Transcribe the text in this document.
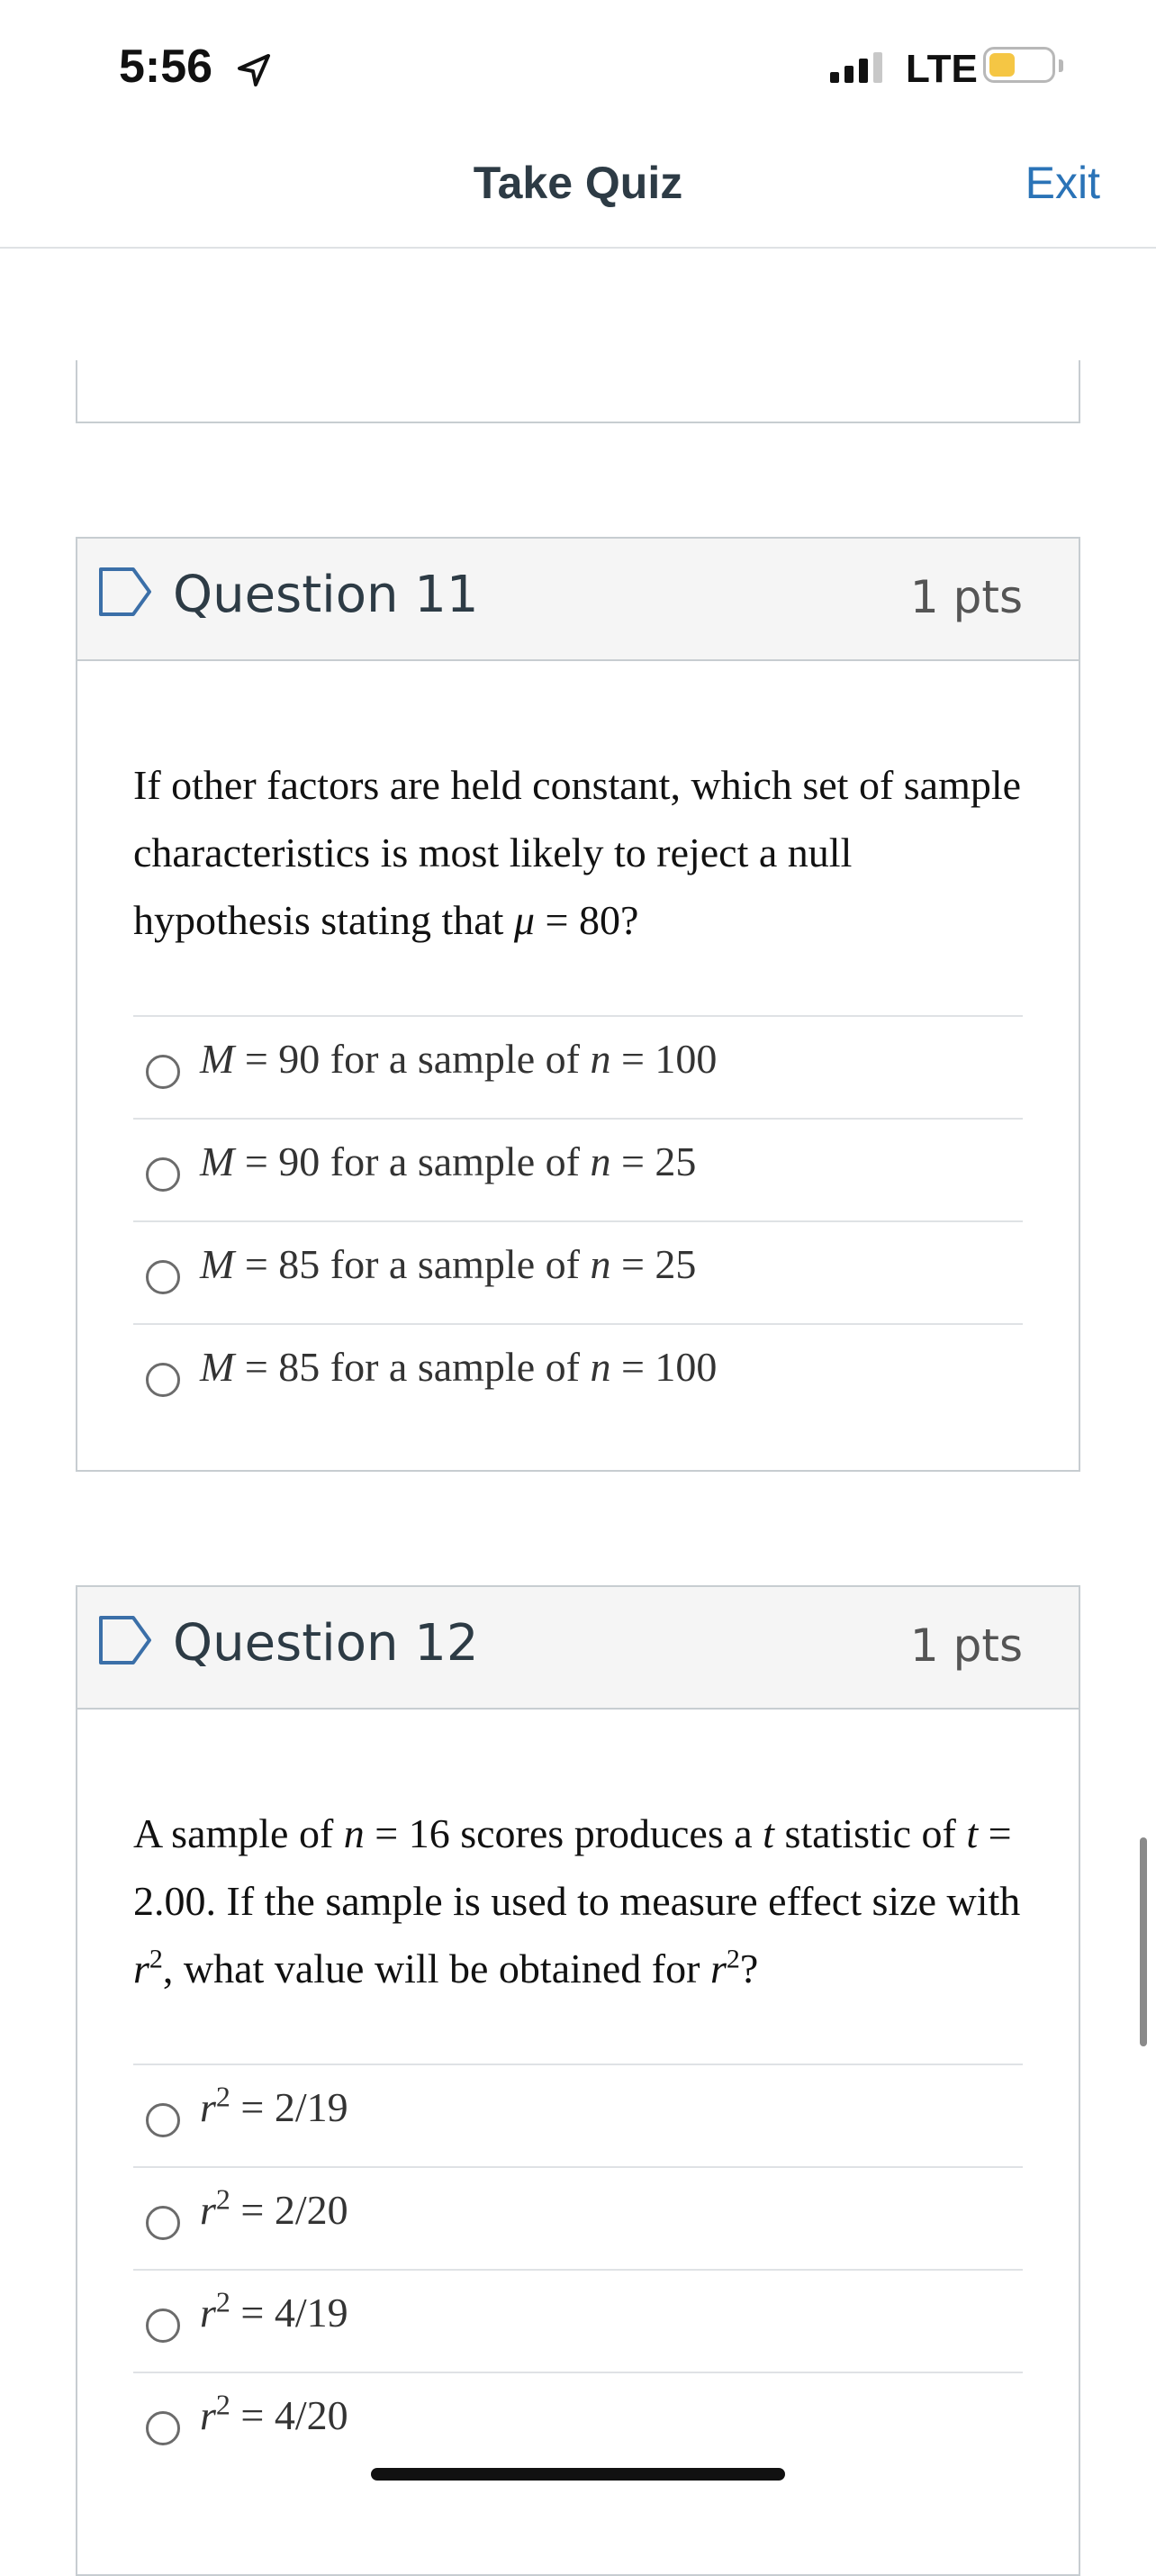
5:56	LTE
Take Quiz	Exit
Question 11	1 pts
If other factors are held constant, which set of sample characteristics is most likely to reject a null hypothesis stating that μ = 80?
M = 90 for a sample of n = 100
M = 90 for a sample of n = 25
M = 85 for a sample of n = 25
M = 85 for a sample of n = 100
Question 12	1 pts
A sample of n = 16 scores produces a t statistic of t = 2.00. If the sample is used to measure effect size with $r^2$, what value will be obtained for $r^2$?
$r^2 = 2/19$
$r^2 = 2/20$
$r^2 = 4/19$
$r^2 = 4/20$
